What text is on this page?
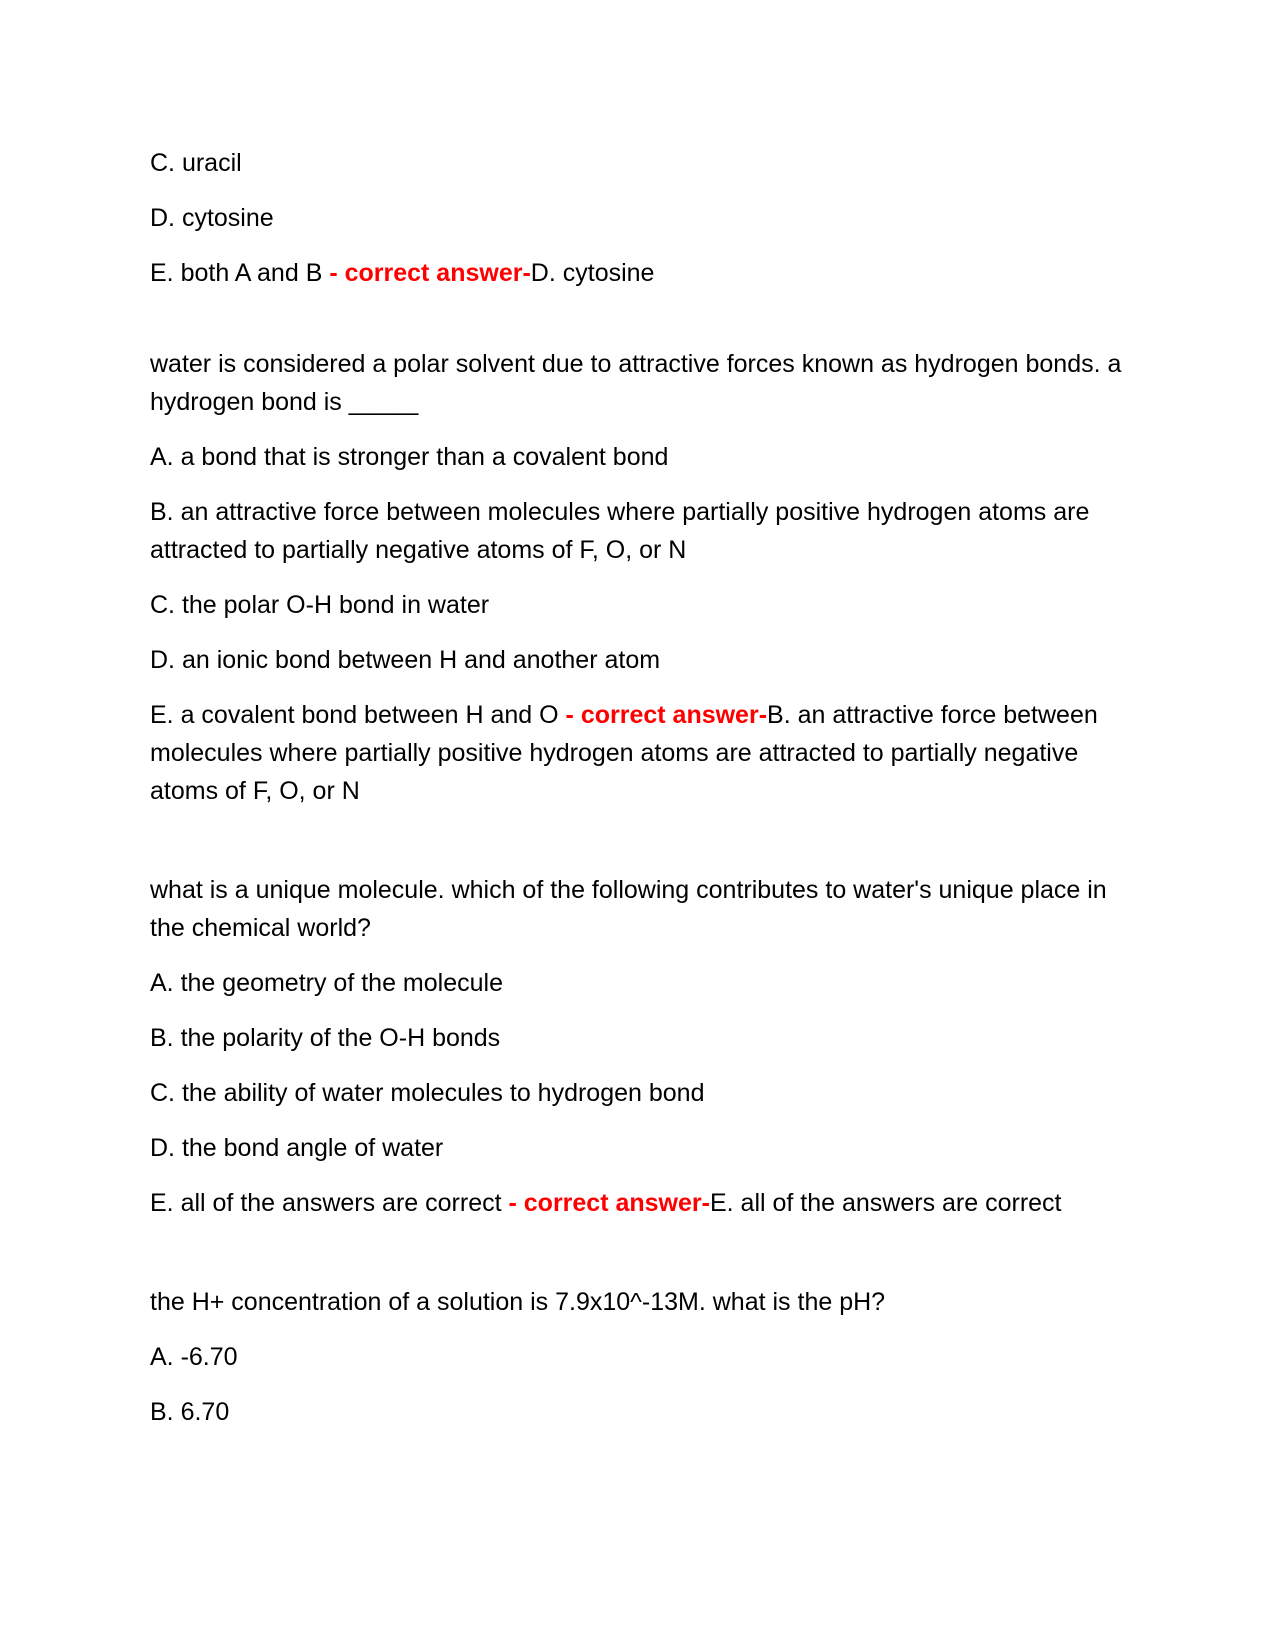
C. uracil
D. cytosine
E. both A and B - correct answer-D. cytosine
water is considered a polar solvent due to attractive forces known as hydrogen bonds. a hydrogen bond is _____
A. a bond that is stronger than a covalent bond
B. an attractive force between molecules where partially positive hydrogen atoms are attracted to partially negative atoms of F, O, or N
C. the polar O-H bond in water
D. an ionic bond between H and another atom
E. a covalent bond between H and O - correct answer-B. an attractive force between molecules where partially positive hydrogen atoms are attracted to partially negative atoms of F, O, or N
what is a unique molecule. which of the following contributes to water's unique place in the chemical world?
A. the geometry of the molecule
B. the polarity of the O-H bonds
C. the ability of water molecules to hydrogen bond
D. the bond angle of water
E. all of the answers are correct - correct answer-E. all of the answers are correct
the H+ concentration of a solution is 7.9x10^-13M. what is the pH?
A. -6.70
B. 6.70
